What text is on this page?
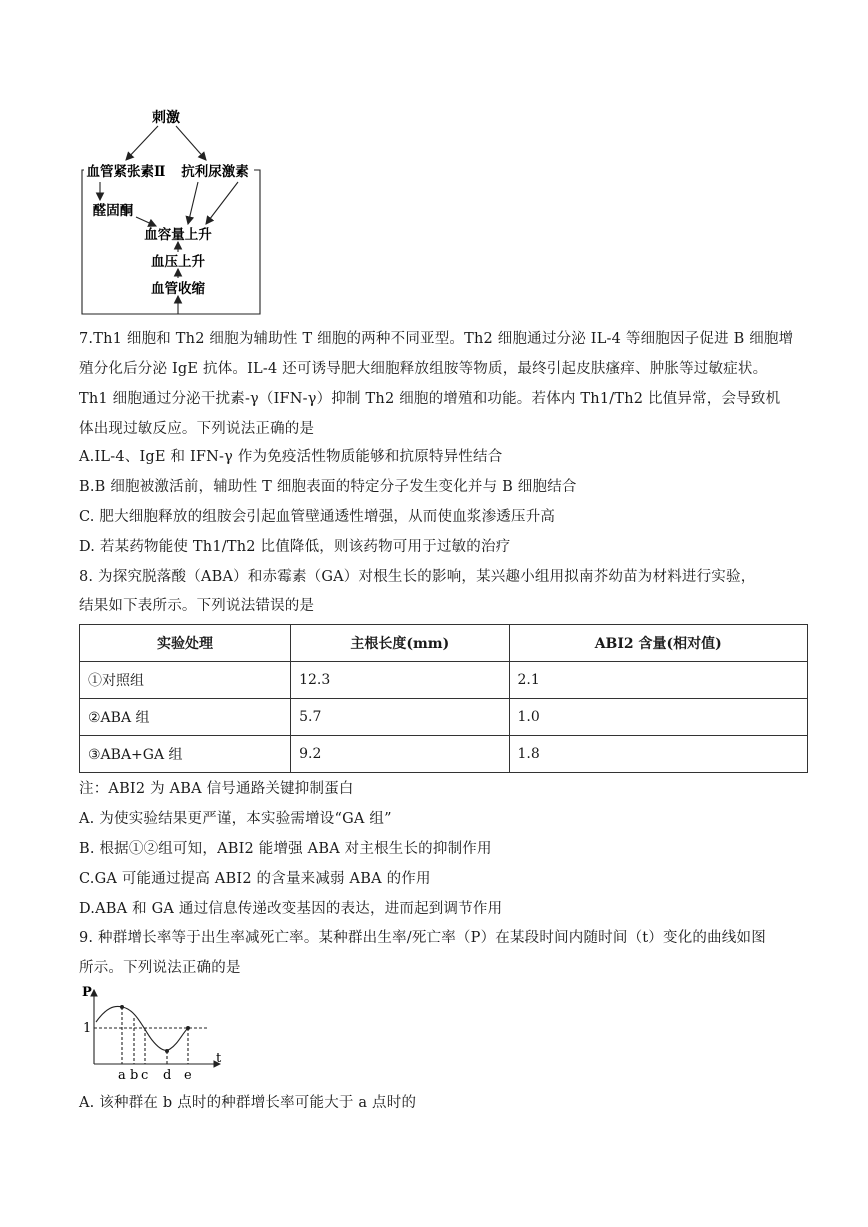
刺激
血管紧张素Ⅱ 抗利尿激素
醛固酮
血容量上升
血压上升
血管收缩
7.Th1 细胞和 Th2 细胞为辅助性 T 细胞的两种不同亚型。Th2 细胞通过分泌 IL-4 等细胞因子促进 B 细胞增
殖分化后分泌 IgE 抗体。IL-4 还可诱导肥大细胞释放组胺等物质，最终引起皮肤瘙痒、肿胀等过敏症状。
Th1 细胞通过分泌干扰素-γ（IFN-γ）抑制 Th2 细胞的增殖和功能。若体内 Th1/Th2 比值异常，会导致机
体出现过敏反应。下列说法正确的是
A.IL-4、IgE 和 IFN-γ 作为免疫活性物质能够和抗原特异性结合
B.B 细胞被激活前，辅助性 T 细胞表面的特定分子发生变化并与 B 细胞结合
C. 肥大细胞释放的组胺会引起血管壁通透性增强，从而使血浆渗透压升高
D. 若某药物能使 Th1/Th2 比值降低，则该药物可用于过敏的治疗
8. 为探究脱落酸（ABA）和赤霉素（GA）对根生长的影响，某兴趣小组用拟南芥幼苗为材料进行实验，
结果如下表所示。下列说法错误的是
实验处理	主根长度(mm)	ABI2 含量(相对值)
①对照组	12.3	2.1
②ABA 组	5.7	1.0
③ABA+GA 组	9.2	1.8
注：ABI2 为 ABA 信号通路关键抑制蛋白
A. 为使实验结果更严谨，本实验需增设“GA 组”
B. 根据①②组可知，ABI2 能增强 ABA 对主根生长的抑制作用
C.GA 可能通过提高 ABI2 的含量来减弱 ABA 的作用
D.ABA 和 GA 通过信息传递改变基因的表达，进而起到调节作用
9. 种群增长率等于出生率减死亡率。某种群出生率/死亡率（P）在某段时间内随时间（t）变化的曲线如图
所示。下列说法正确的是
P
t
1
a b c d e
A. 该种群在 b 点时的种群增长率可能大于 a 点时的
